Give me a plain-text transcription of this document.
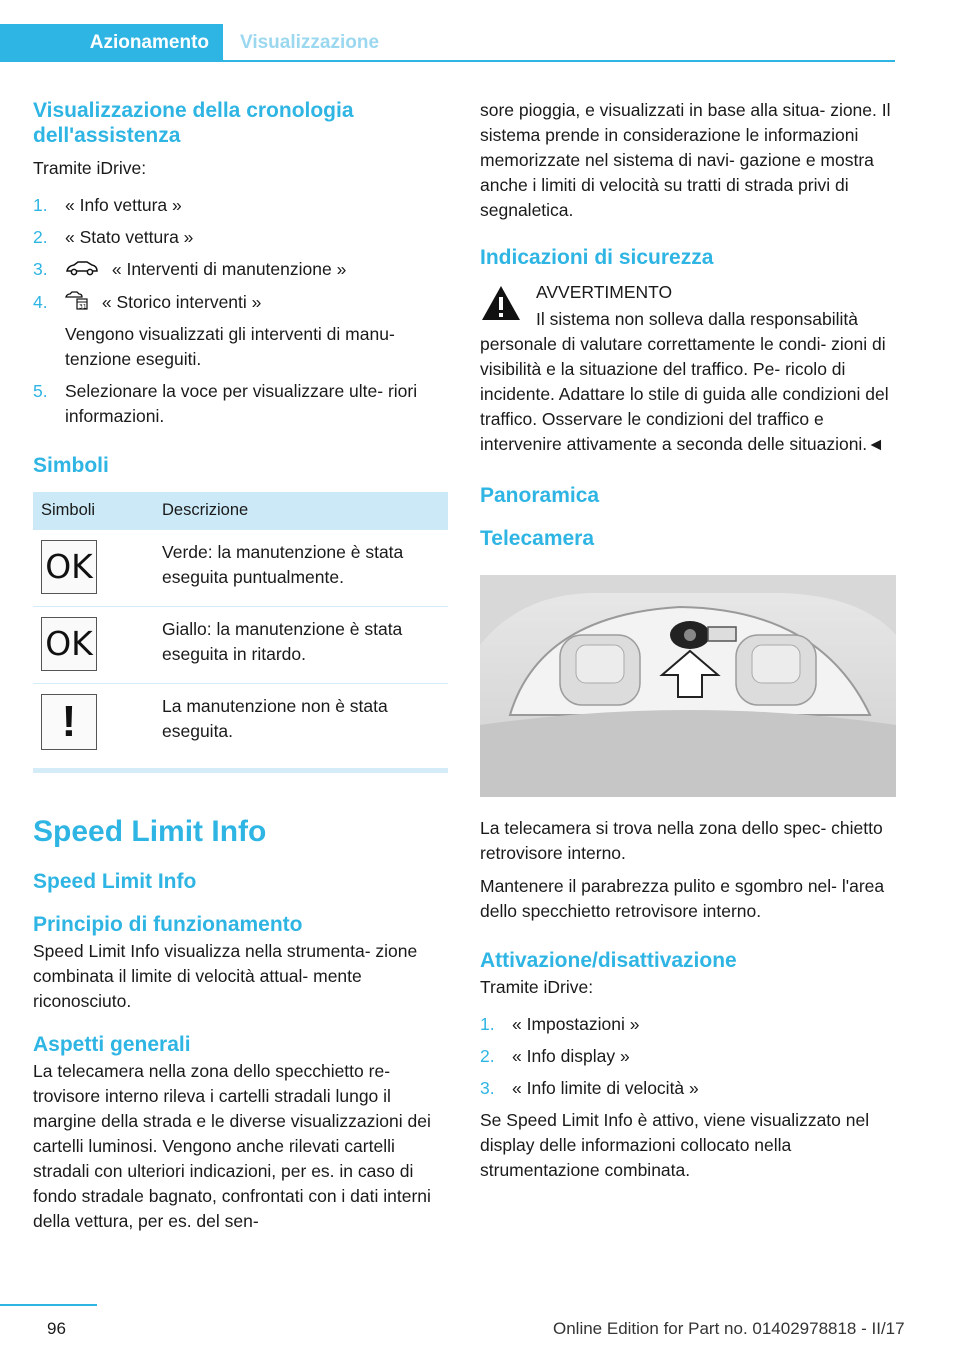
Azionamento	Visualizzazione
Visualizzazione della cronologia dell'assistenza

Tramite iDrive:

1. « Info vettura »
2. « Stato vettura »
3.	« Interventi di manutenzione »
4.	31 « Storico interventi »
Vengono visualizzati gli interventi di manu- tenzione eseguiti.
5. Selezionare la voce per visualizzare ulte- riori informazioni.
Simboli
Simboli	Descrizione

OK	Verde: la manutenzione è stata eseguita puntualmente.

OK	Giallo: la manutenzione è stata eseguita in ritardo.

!	La manutenzione non è stata eseguita.
Speed Limit Info
Speed Limit Info
Principio di funzionamento

Speed Limit Info visualizza nella strumenta- zione combinata il limite di velocità attual- mente riconosciuto.

Aspetti generali

La telecamera nella zona dello specchietto re- trovisore interno rileva i cartelli stradali lungo il margine della strada e le diverse visualizzazioni dei cartelli luminosi. Vengono anche rilevati cartelli stradali con ulteriori indicazioni, per es. in caso di fondo stradale bagnato, confrontati con i dati interni della vettura, per es. del sen-

sore pioggia, e visualizzati in base alla situa- zione. Il sistema prende in considerazione le informazioni memorizzate nel sistema di navi- gazione e mostra anche i limiti di velocità su tratti di strada privi di segnaletica.

Indicazioni di sicurezza
AVVERTIMENTO

Il sistema non solleva dalla responsabilità personale di valutare correttamente le condi- zioni di visibilità e la situazione del traffico. Pe- ricolo di incidente. Adattare lo stile di guida alle condizioni del traffico. Osservare le condizioni del traffico e intervenire attivamente a seconda delle situazioni.◄

Panoramica
Telecamera

La telecamera si trova nella zona dello spec- chietto retrovisore interno.

Mantenere il parabrezza pulito e sgombro nel- l'area dello specchietto retrovisore interno.

Attivazione/disattivazione

Tramite iDrive:

1. « Impostazioni »
2. « Info display »
3. « Info limite di velocità »

Se Speed Limit Info è attivo, viene visualizzato nel display delle informazioni collocato nella strumentazione combinata.

96	Online Edition for Part no. 01402978818 - II/17
